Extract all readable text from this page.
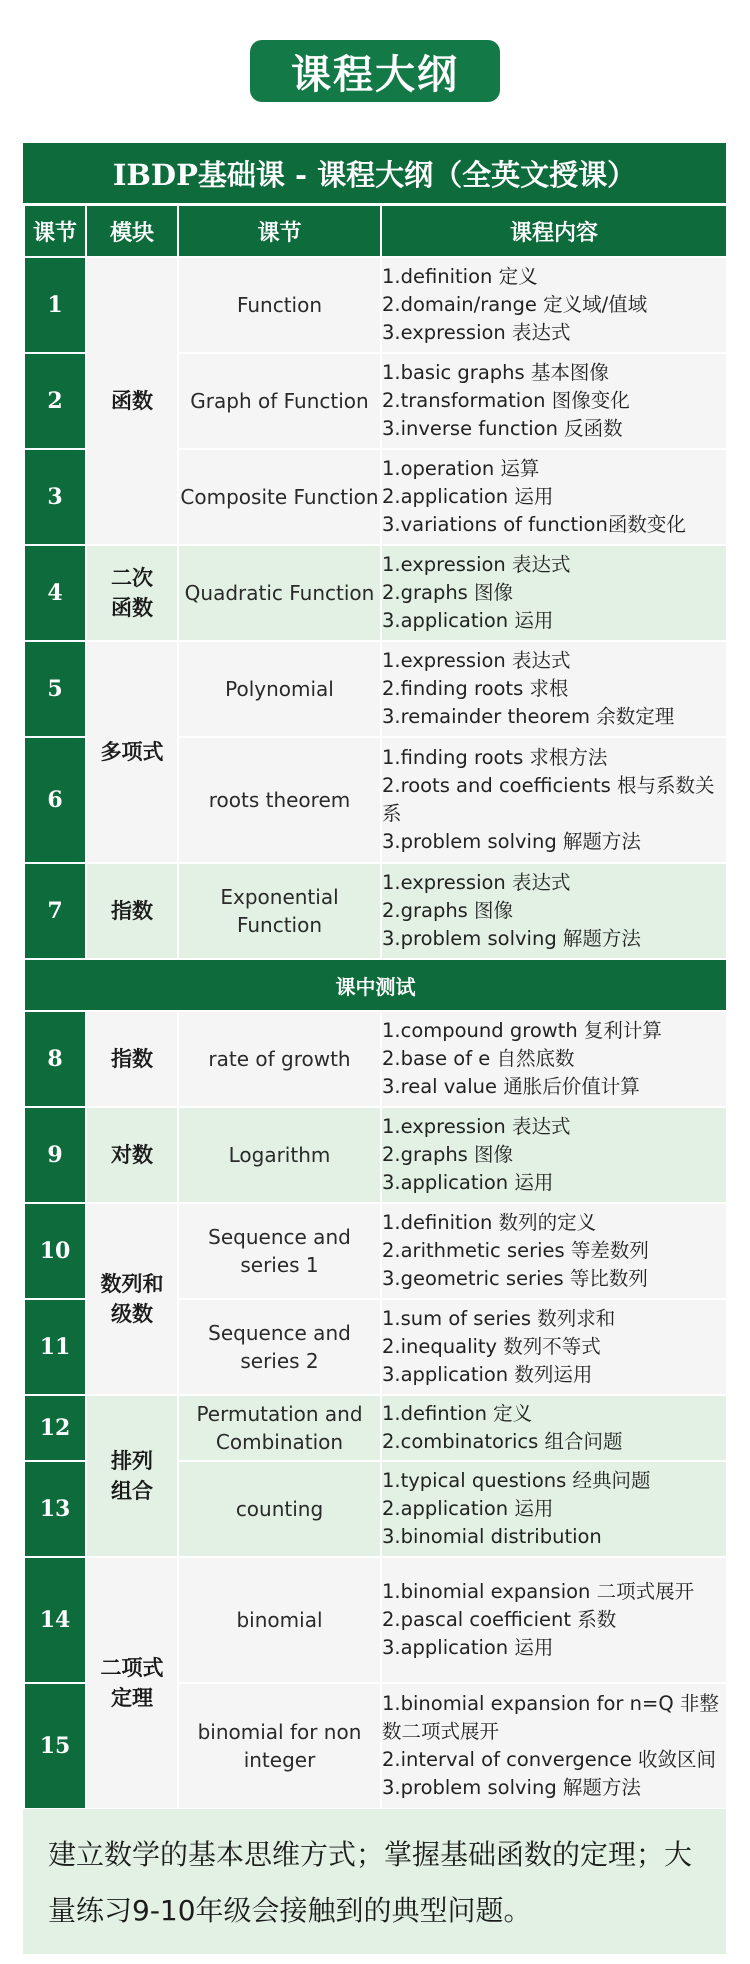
课程大纲
IBDP基础课 - 课程大纲（全英文授课）
课节	模块	课节	课程内容
1	函数	Function	1.definition 定义
2.domain/range 定义域/值域
3.expression 表达式

2		Graph of Function	1.basic graphs 基本图像
2.transformation 图像变化
3.inverse function 反函数

3		Composite Function	1.operation 运算
2.application 运用
3.variations of function函数变化

4	二次函数	Quadratic Function	1.expression 表达式
2.graphs 图像
3.application 运用

5	多项式	Polynomial	1.expression 表达式
2.finding roots 求根
3.remainder theorem 余数定理

6		roots theorem	1.finding roots 求根方法
2.roots and coefficients 根与系数关系
3.problem solving 解题方法

7	指数	Exponential Function	1.expression 表达式
2.graphs 图像
3.problem solving 解题方法

课中测试			
8	指数	rate of growth	1.compound growth 复利计算
2.base of e 自然底数
3.real value 通胀后价值计算

9	对数	Logarithm	1.expression 表达式
2.graphs 图像
3.application 运用

10	数列和级数	Sequence and series 1	1.definition 数列的定义
2.arithmetic series 等差数列
3.geometric series 等比数列

11		Sequence and series 2	1.sum of series 数列求和
2.inequality 数列不等式
3.application 数列运用

12	排列组合	Permutation and Combination	1.defintion 定义
2.combinatorics 组合问题

13		counting	1.typical questions 经典问题
2.application 运用
3.binomial distribution

14	二项式定理	binomial	1.binomial expansion 二项式展开
2.pascal coefficient 系数
3.application 运用

15		binomial for non integer	1.binomial expansion for n=Q 非整数二项式展开
2.interval of convergence 收敛区间
3.problem solving 解题方法
建立数学的基本思维方式；掌握基础函数的定理；大量练习9-10年级会接触到的典型问题。
